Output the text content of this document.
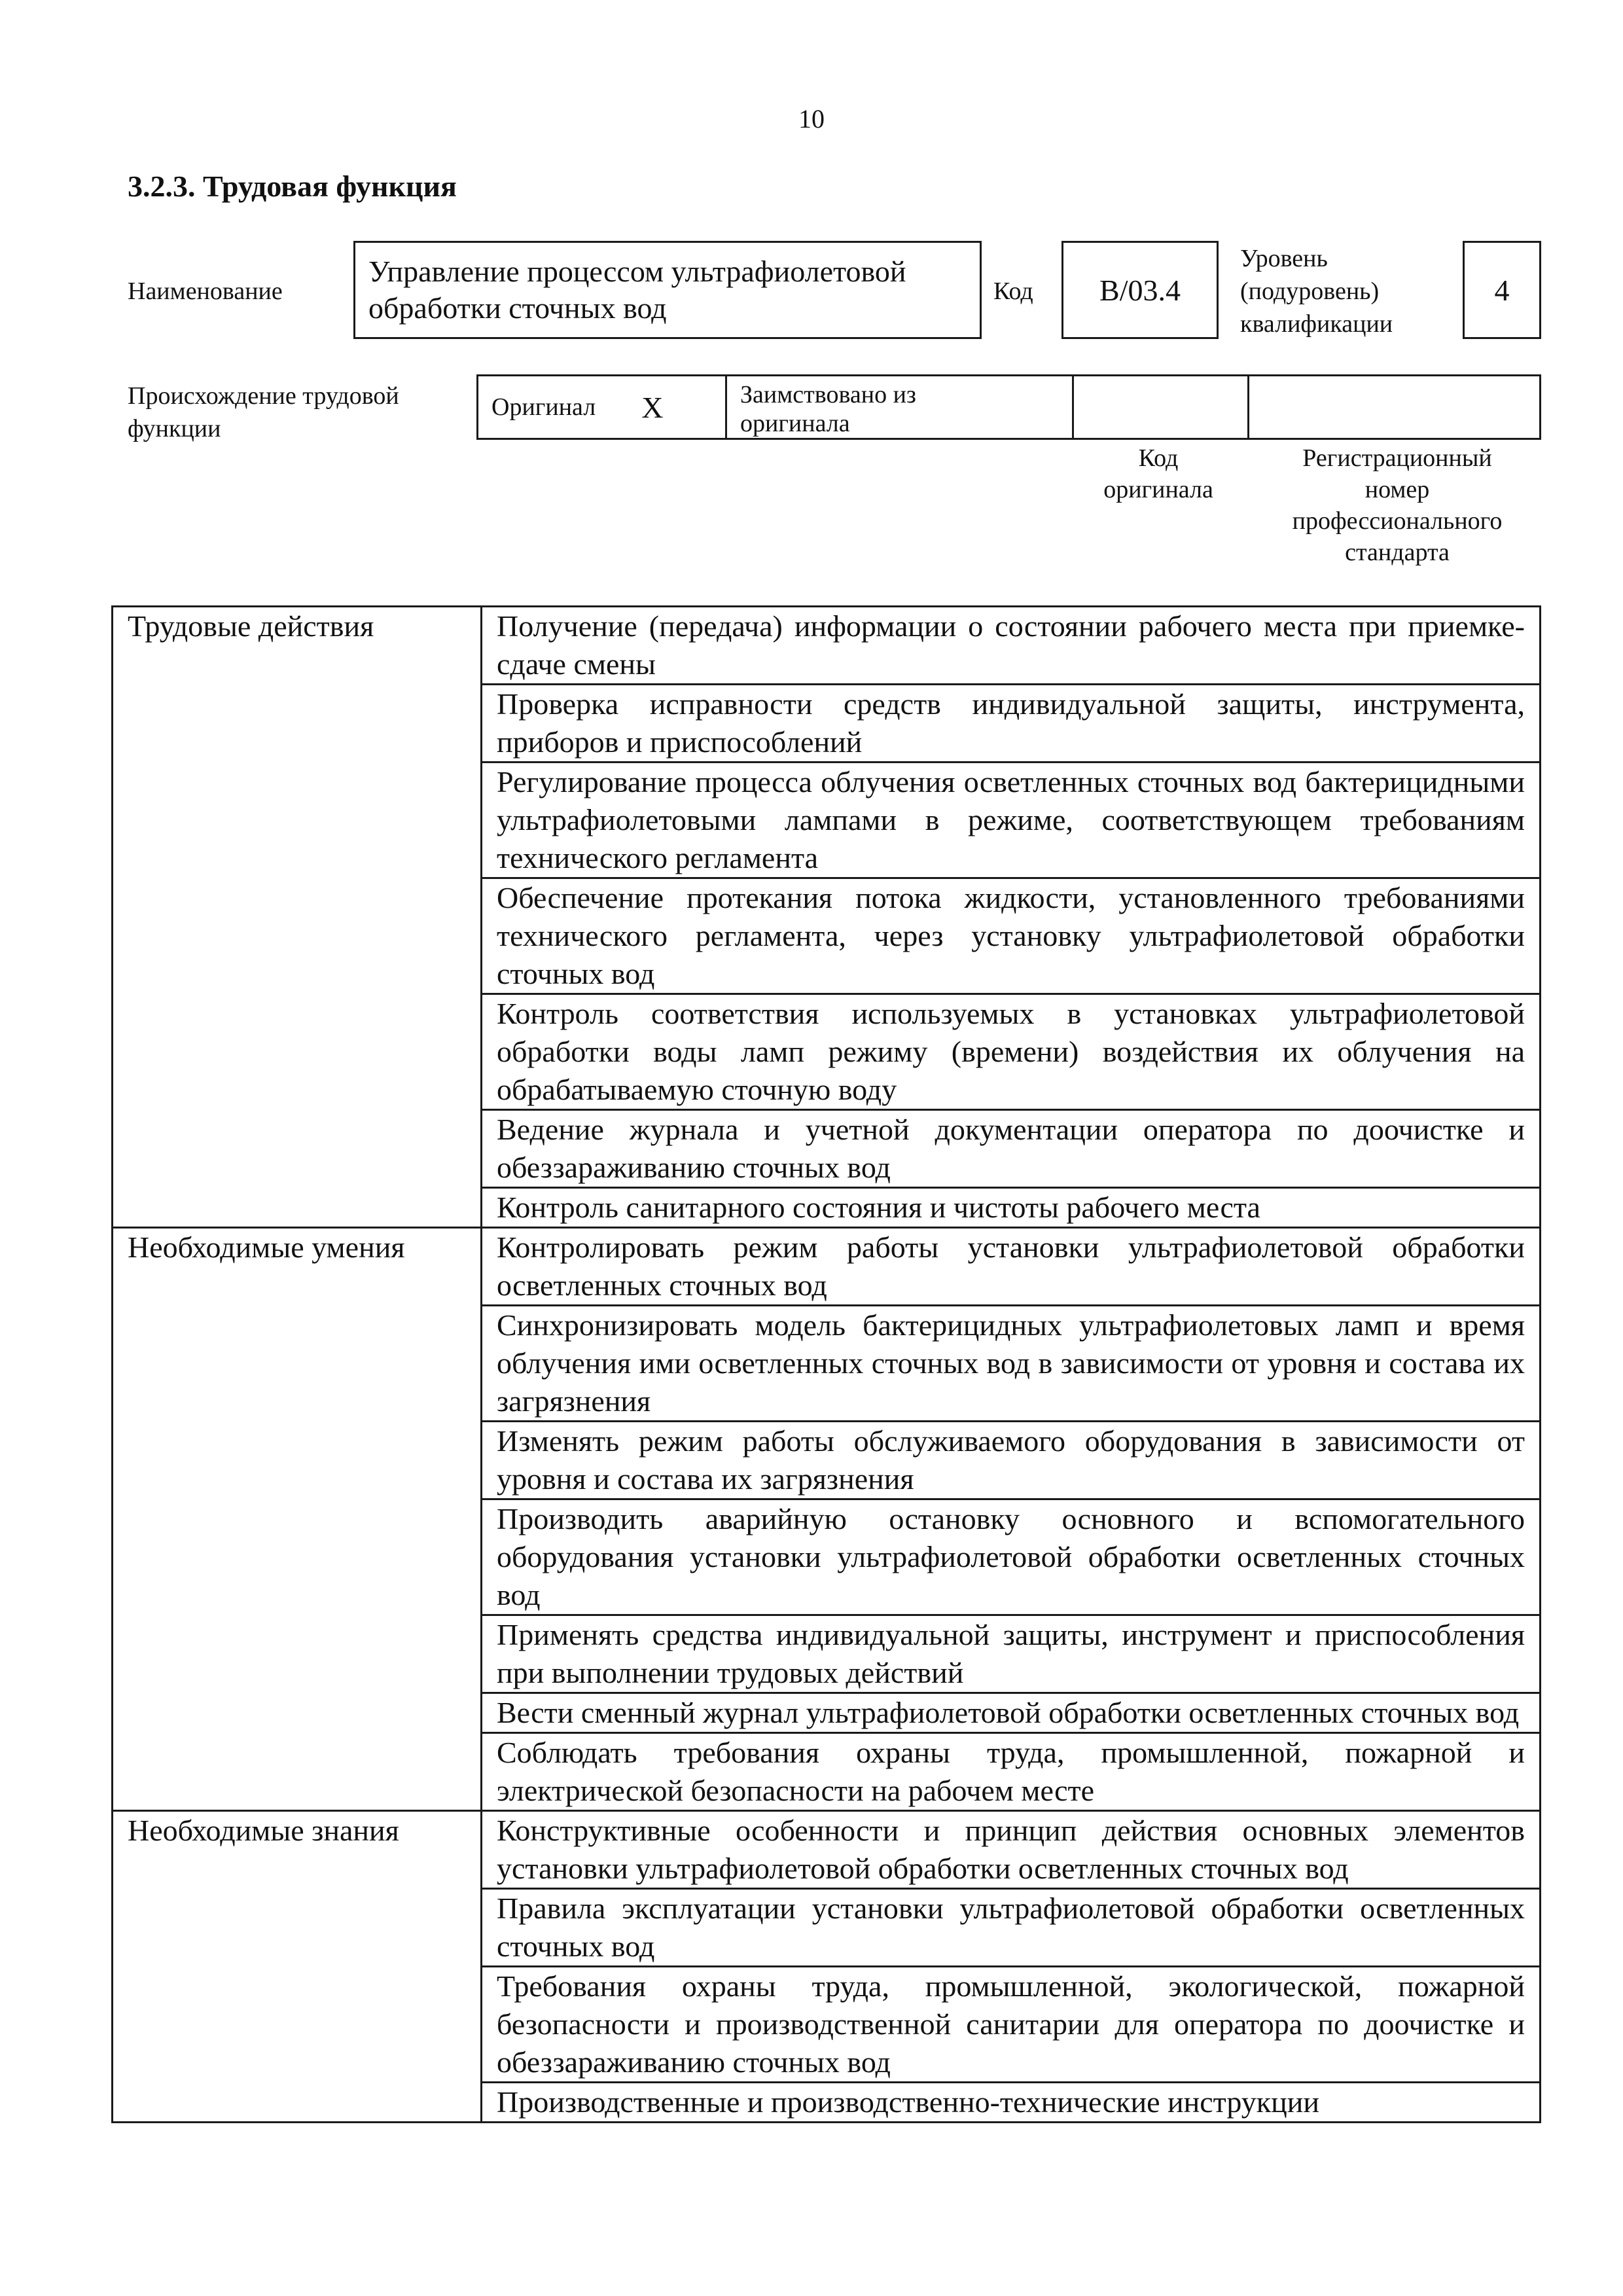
10
3.2.3. Трудовая функция
Наименование
Управление процессом ультрафиолетовой обработки сточных вод	Код B/03.4
Уровень
(подуровень)
квалификации
4
Происхождение трудовой
функции
Оригинал X	Заимствовано из
оригинала
Код
оригинала
Регистрационный
номер
профессионального
стандарта
Трудовые действия	Получение (передача) информации о состоянии рабочего места при приемке-сдаче смены
	Проверка исправности средств индивидуальной защиты, инструмента, приборов и приспособлений
	Регулирование процесса облучения осветленных сточных вод бактерицидными ультрафиолетовыми лампами в режиме, соответствующем требованиям технического регламента
	Обеспечение протекания потока жидкости, установленного требованиями технического регламента, через установку ультрафиолетовой обработки сточных вод
	Контроль соответствия используемых в установках ультрафиолетовой обработки воды ламп режиму (времени) воздействия их облучения на обрабатываемую сточную воду
	Ведение журнала и учетной документации оператора по доочистке и обеззараживанию сточных вод
	Контроль санитарного состояния и чистоты рабочего места
Необходимые умения	Контролировать режим работы установки ультрафиолетовой обработки осветленных сточных вод
	Синхронизировать модель бактерицидных ультрафиолетовых ламп и время облучения ими осветленных сточных вод в зависимости от уровня и состава их загрязнения
	Изменять режим работы обслуживаемого оборудования в зависимости от уровня и состава их загрязнения
	Производить аварийную остановку основного и вспомогательного оборудования установки ультрафиолетовой обработки осветленных сточных вод
	Применять средства индивидуальной защиты, инструмент и приспособления при выполнении трудовых действий
	Вести сменный журнал ультрафиолетовой обработки осветленных сточных вод
	Соблюдать требования охраны труда, промышленной, пожарной и электрической безопасности на рабочем месте
Необходимые знания	Конструктивные особенности и принцип действия основных элементов установки ультрафиолетовой обработки осветленных сточных вод
	Правила эксплуатации установки ультрафиолетовой обработки осветленных сточных вод
	Требования охраны труда, промышленной, экологической, пожарной безопасности и производственной санитарии для оператора по доочистке и обеззараживанию сточных вод
	Производственные и производственно-технические инструкции
